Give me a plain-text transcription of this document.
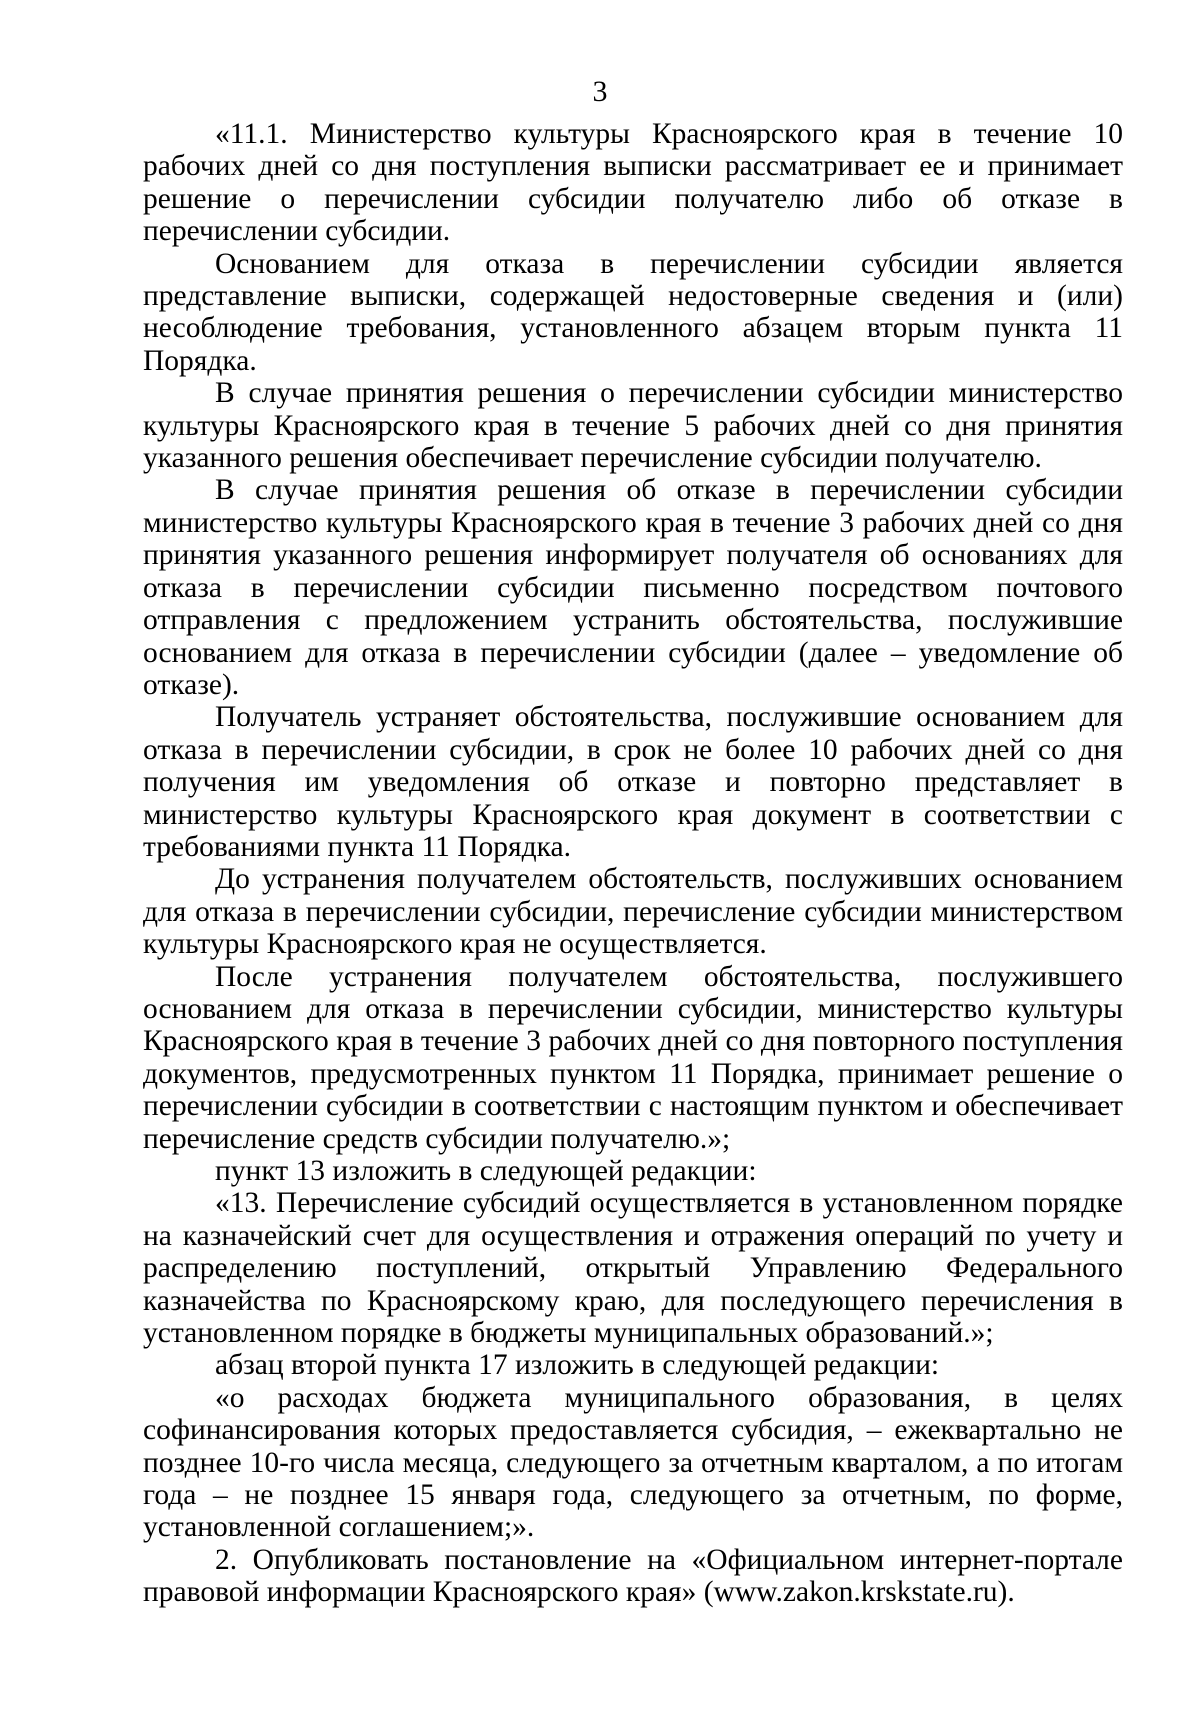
3

«11.1. Министерство культуры Красноярского края в течение 10 рабочих дней со дня поступления выписки рассматривает ее и принимает решение о перечислении субсидии получателю либо об отказе в перечислении субсидии.

Основанием для отказа в перечислении субсидии является представление выписки, содержащей недостоверные сведения и (или) несоблюдение требования, установленного абзацем вторым пункта 11 Порядка.

В случае принятия решения о перечислении субсидии министерство культуры Красноярского края в течение 5 рабочих дней со дня принятия указанного решения обеспечивает перечисление субсидии получателю.

В случае принятия решения об отказе в перечислении субсидии министерство культуры Красноярского края в течение 3 рабочих дней со дня принятия указанного решения информирует получателя об основаниях для отказа в перечислении субсидии письменно посредством почтового отправления с предложением устранить обстоятельства, послужившие основанием для отказа в перечислении субсидии (далее – уведомление об отказе).

Получатель устраняет обстоятельства, послужившие основанием для отказа в перечислении субсидии, в срок не более 10 рабочих дней со дня получения им уведомления об отказе и повторно представляет в министерство культуры Красноярского края документ в соответствии с требованиями пункта 11 Порядка.

До устранения получателем обстоятельств, послуживших основанием для отказа в перечислении субсидии, перечисление субсидии министерством культуры Красноярского края не осуществляется.

После устранения получателем обстоятельства, послужившего основанием для отказа в перечислении субсидии, министерство культуры Красноярского края в течение 3 рабочих дней со дня повторного поступления документов, предусмотренных пунктом 11 Порядка, принимает решение о перечислении субсидии в соответствии с настоящим пунктом и обеспечивает перечисление средств субсидии получателю.»;

пункт 13 изложить в следующей редакции:

«13. Перечисление субсидий осуществляется в установленном порядке на казначейский счет для осуществления и отражения операций по учету и распределению поступлений, открытый Управлению Федерального казначейства по Красноярскому краю, для последующего перечисления в установленном порядке в бюджеты муниципальных образований.»;

абзац второй пункта 17 изложить в следующей редакции:

«о расходах бюджета муниципального образования, в целях софинансирования которых предоставляется субсидия, – ежеквартально не позднее 10-го числа месяца, следующего за отчетным кварталом, а по итогам года – не позднее 15 января года, следующего за отчетным, по форме, установленной соглашением;».

2. Опубликовать постановление на «Официальном интернет-портале правовой информации Красноярского края» (www.zakon.krskstate.ru).
